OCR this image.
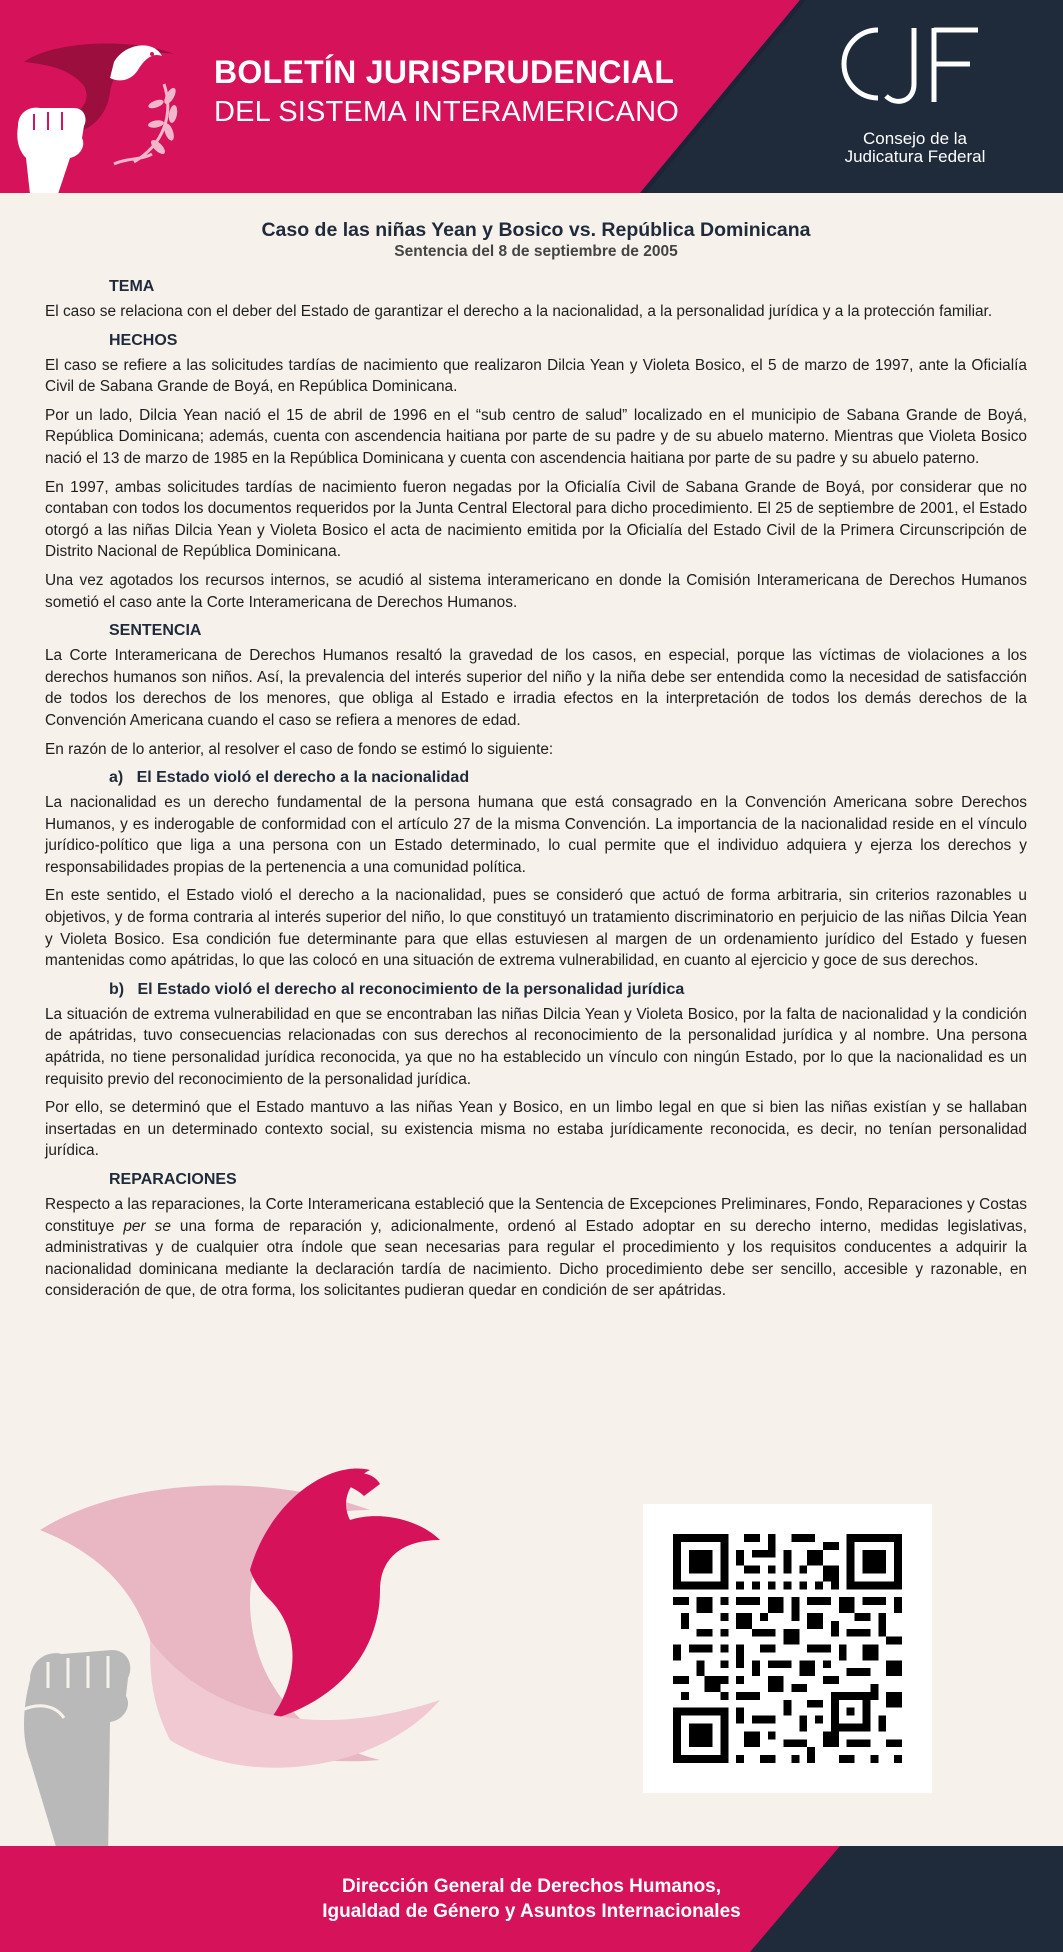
BOLETÍN JURISPRUDENCIAL
DEL SISTEMA INTERAMERICANO
Consejo de la
Judicatura Federal
Caso de las niñas Yean y Bosico vs. República Dominicana
Sentencia del 8 de septiembre de 2005
TEMA

El caso se relaciona con el deber del Estado de garantizar el derecho a la nacionalidad, a la personalidad jurídica y a la protección familiar.

HECHOS

El caso se refiere a las solicitudes tardías de nacimiento que realizaron Dilcia Yean y Violeta Bosico, el 5 de marzo de 1997, ante la Oficialía Civil de Sabana Grande de Boyá, en República Dominicana.

Por un lado, Dilcia Yean nació el 15 de abril de 1996 en el “sub centro de salud” localizado en el municipio de Sabana Grande de Boyá, República Dominicana; además, cuenta con ascendencia haitiana por parte de su padre y de su abuelo materno. Mientras que Violeta Bosico nació el 13 de marzo de 1985 en la República Dominicana y cuenta con ascendencia haitiana por parte de su padre y su abuelo paterno.

En 1997, ambas solicitudes tardías de nacimiento fueron negadas por la Oficialía Civil de Sabana Grande de Boyá, por considerar que no contaban con todos los documentos requeridos por la Junta Central Electoral para dicho procedimiento. El 25 de septiembre de 2001, el Estado otorgó a las niñas Dilcia Yean y Violeta Bosico el acta de nacimiento emitida por la Oficialía del Estado Civil de la Primera Circunscripción de Distrito Nacional de República Dominicana.

Una vez agotados los recursos internos, se acudió al sistema interamericano en donde la Comisión Interamericana de Derechos Humanos sometió el caso ante la Corte Interamericana de Derechos Humanos.

SENTENCIA

La Corte Interamericana de Derechos Humanos resaltó la gravedad de los casos, en especial, porque las víctimas de violaciones a los derechos humanos son niños. Así, la prevalencia del interés superior del niño y la niña debe ser entendida como la necesidad de satisfacción de todos los derechos de los menores, que obliga al Estado e irradia efectos en la interpretación de todos los demás derechos de la Convención Americana cuando el caso se refiera a menores de edad.

En razón de lo anterior, al resolver el caso de fondo se estimó lo siguiente:

a)   El Estado violó el derecho a la nacionalidad

La nacionalidad es un derecho fundamental de la persona humana que está consagrado en la Convención Americana sobre Derechos Humanos, y es inderogable de conformidad con el artículo 27 de la misma Convención. La importancia de la nacionalidad reside en el vínculo jurídico-político que liga a una persona con un Estado determinado, lo cual permite que el individuo adquiera y ejerza los derechos y responsabilidades propias de la pertenencia a una comunidad política.

En este sentido, el Estado violó el derecho a la nacionalidad, pues se consideró que actuó de forma arbitraria, sin criterios razonables u objetivos, y de forma contraria al interés superior del niño, lo que constituyó un tratamiento discriminatorio en perjuicio de las niñas Dilcia Yean y Violeta Bosico. Esa condición fue determinante para que ellas estuviesen al margen de un ordenamiento jurídico del Estado y fuesen mantenidas como apátridas, lo que las colocó en una situación de extrema vulnerabilidad, en cuanto al ejercicio y goce de sus derechos.

b)   El Estado violó el derecho al reconocimiento de la personalidad jurídica

La situación de extrema vulnerabilidad en que se encontraban las niñas Dilcia Yean y Violeta Bosico, por la falta de nacionalidad y la condición de apátridas, tuvo consecuencias relacionadas con sus derechos al reconocimiento de la personalidad jurídica y al nombre. Una persona apátrida, no tiene personalidad jurídica reconocida, ya que no ha establecido un vínculo con ningún Estado, por lo que la nacionalidad es un requisito previo del reconocimiento de la personalidad jurídica.

Por ello, se determinó que el Estado mantuvo a las niñas Yean y Bosico, en un limbo legal en que si bien las niñas existían y se hallaban insertadas en un determinado contexto social, su existencia misma no estaba jurídicamente reconocida, es decir, no tenían personalidad jurídica.

REPARACIONES

Respecto a las reparaciones, la Corte Interamericana estableció que la Sentencia de Excepciones Preliminares, Fondo, Reparaciones y Costas constituye per se una forma de reparación y, adicionalmente, ordenó al Estado adoptar en su derecho interno, medidas legislativas, administrativas y de cualquier otra índole que sean necesarias para regular el procedimiento y los requisitos conducentes a adquirir la nacionalidad dominicana mediante la declaración tardía de nacimiento. Dicho procedimiento debe ser sencillo, accesible y razonable, en consideración de que, de otra forma, los solicitantes pudieran quedar en condición de ser apátridas.

Dirección General de Derechos Humanos,
Igualdad de Género y Asuntos Internacionales
